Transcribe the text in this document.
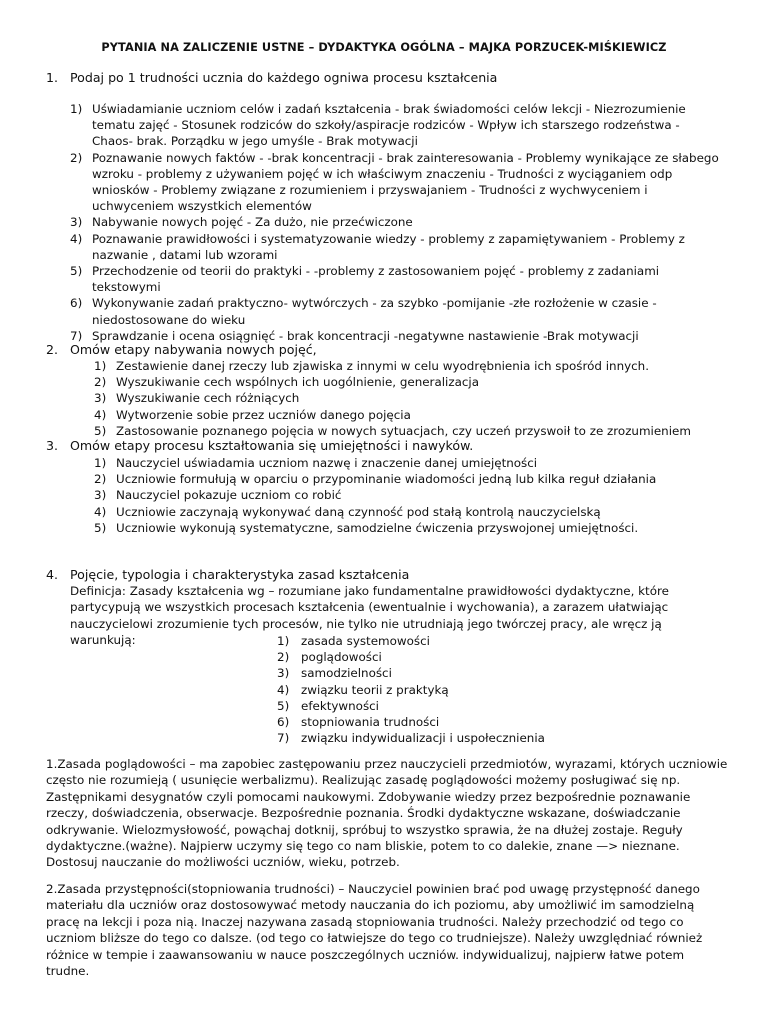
PYTANIA NA ZALICZENIE USTNE – DYDAKTYKA OGÓLNA – MAJKA PORZUCEK-MIŚKIEWICZ
1. Podaj po 1 trudności ucznia do każdego ogniwa procesu kształcenia
1) Uświadamianie uczniom celów i zadań kształcenia - brak świadomości celów lekcji - Niezrozumienie tematu zajęć - Stosunek rodziców do szkoły/aspiracje rodziców - Wpływ ich starszego rodzeństwa - Chaos- brak. Porządku w jego umyśle - Brak motywacji
2) Poznawanie nowych faktów - -brak koncentracji - brak zainteresowania - Problemy wynikające ze słabego wzroku - problemy z używaniem pojęć w ich właściwym znaczeniu - Trudności z wyciąganiem odp wniosków - Problemy związane z rozumieniem i przyswajaniem - Trudności z wychwyceniem i uchwyceniem wszystkich elementów
3) Nabywanie nowych pojęć - Za dużo, nie przećwiczone
4) Poznawanie prawidłowości i systematyzowanie wiedzy - problemy z zapamiętywaniem - Problemy z nazwanie , datami lub wzorami
5) Przechodzenie od teorii do praktyki - -problemy z zastosowaniem pojęć - problemy z zadaniami tekstowymi
6) Wykonywanie zadań praktyczno- wytwórczych - za szybko -pomijanie -złe rozłożenie w czasie - niedostosowane do wieku
7) Sprawdzanie i ocena osiągnięć - brak koncentracji -negatywne nastawienie -Brak motywacji
2. Omów etapy nabywania nowych pojęć,
1) Zestawienie danej rzeczy lub zjawiska z innymi w celu wyodrębnienia ich spośród innych.
2) Wyszukiwanie cech wspólnych ich uogólnienie, generalizacja
3) Wyszukiwanie cech różniących
4) Wytworzenie sobie przez uczniów danego pojęcia
5) Zastosowanie poznanego pojęcia w nowych sytuacjach, czy uczeń przyswoił to ze zrozumieniem
3. Omów etapy procesu kształtowania się umiejętności i nawyków.
1) Nauczyciel uświadamia uczniom nazwę i znaczenie danej umiejętności
2) Uczniowie formułują w oparciu o przypominanie wiadomości jedną lub kilka reguł działania
3) Nauczyciel pokazuje uczniom co robić
4) Uczniowie zaczynają wykonywać daną czynność pod stałą kontrolą nauczycielską
5) Uczniowie wykonują systematyczne, samodzielne ćwiczenia przyswojonej umiejętności.
4. Pojęcie, typologia i charakterystyka zasad kształcenia

Definicja: Zasady kształcenia wg – rozumiane jako fundamentalne prawidłowości dydaktyczne, które partycypują we wszystkich procesach kształcenia (ewentualnie i wychowania), a zarazem ułatwiając nauczycielowi zrozumienie tych procesów, nie tylko nie utrudniają jego twórczej pracy, ale wręcz ją warunkują:	1) zasada systemowości
2) poglądowości
3) samodzielności
4) związku teorii z praktyką
5) efektywności
6) stopniowania trudności
7) związku indywidualizacji i uspołecznienia

1.Zasada poglądowości – ma zapobiec zastępowaniu przez nauczycieli przedmiotów, wyrazami, których uczniowie często nie rozumieją ( usunięcie werbalizmu). Realizując zasadę poglądowości możemy posługiwać się np. Zastępnikami desygnatów czyli pomocami naukowymi. Zdobywanie wiedzy przez bezpośrednie poznawanie rzeczy, doświadczenia, obserwacje. Bezpośrednie poznania. Środki dydaktyczne wskazane, doświadczanie odkrywanie. Wielozmysłowość, powąchaj dotknij, spróbuj to wszystko sprawia, że na dłużej zostaje. Reguły dydaktyczne.(ważne). Najpierw uczymy się tego co nam bliskie, potem to co dalekie, znane —> nieznane. Dostosuj nauczanie do możliwości uczniów, wieku, potrzeb.

2.Zasada przystępności(stopniowania trudności) – Nauczyciel powinien brać pod uwagę przystępność danego materiału dla uczniów oraz dostosowywać metody nauczania do ich poziomu, aby umożliwić im samodzielną pracę na lekcji i poza nią. Inaczej nazywana zasadą stopniowania trudności. Należy przechodzić od tego co uczniom bliższe do tego co dalsze. (od tego co łatwiejsze do tego co trudniejsze). Należy uwzględniać również różnice w tempie i zaawansowaniu w nauce poszczególnych uczniów. indywidualizuj, najpierw łatwe potem trudne.
